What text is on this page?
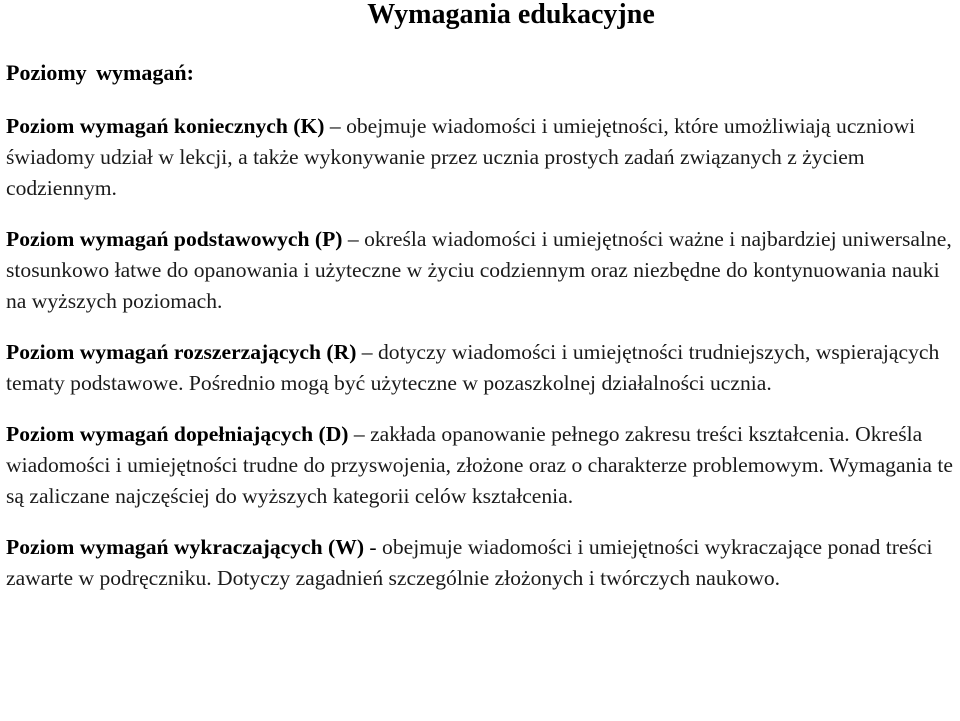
Wymagania edukacyjne
Poziomy wymagań:

Poziom wymagań koniecznych (K) – obejmuje wiadomości i umiejętności, które umożliwiają uczniowi świadomy udział w lekcji, a także wykonywanie przez ucznia prostych zadań związanych z życiem codziennym.

Poziom wymagań podstawowych (P) – określa wiadomości i umiejętności ważne i najbardziej uniwersalne, stosunkowo łatwe do opanowania i użyteczne w życiu codziennym oraz niezbędne do kontynuowania nauki na wyższych poziomach.

Poziom wymagań rozszerzających (R) – dotyczy wiadomości i umiejętności trudniejszych, wspierających tematy podstawowe. Pośrednio mogą być użyteczne w pozaszkolnej działalności ucznia.

Poziom wymagań dopełniających (D) – zakłada opanowanie pełnego zakresu treści kształcenia. Określa wiadomości i umiejętności trudne do przyswojenia, złożone oraz o charakterze problemowym. Wymagania te są zaliczane najczęściej do wyższych kategorii celów kształcenia.

Poziom wymagań wykraczających (W) - obejmuje wiadomości i umiejętności wykraczające ponad treści zawarte w podręczniku. Dotyczy zagadnień szczególnie złożonych i twórczych naukowo.
